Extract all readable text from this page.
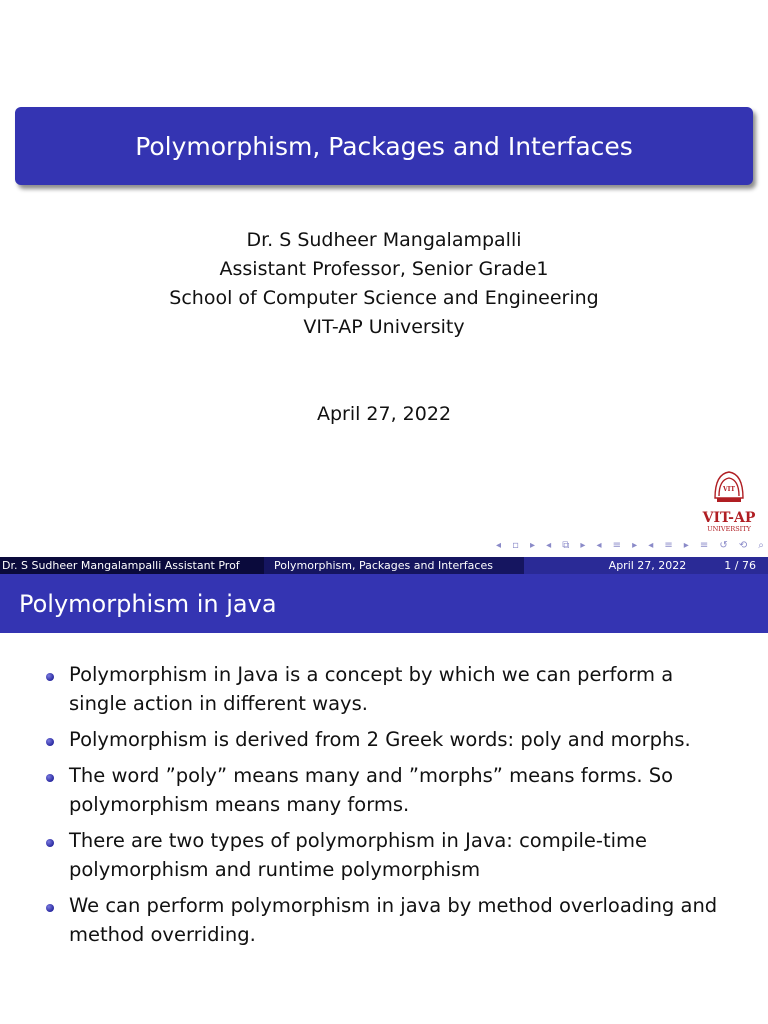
Polymorphism, Packages and Interfaces
Dr. S Sudheer Mangalampalli
Assistant Professor, Senior Grade1
School of Computer Science and Engineering
VIT-AP University
April 27, 2022
VIT
VIT-AP
UNIVERSITY
◂ ▫ ▸ ◂ ⧉ ▸ ◂ ≡ ▸ ◂ ≡ ▸ ≡ ↺ ⟲ ⌕
Dr. S Sudheer Mangalampalli Assistant Prof	Polymorphism, Packages and Interfaces	April 27, 2022	1 / 76
Polymorphism in java
Polymorphism in Java is a concept by which we can perform a single action in different ways.
Polymorphism is derived from 2 Greek words: poly and morphs.
The word ”poly” means many and ”morphs” means forms. So polymorphism means many forms.
There are two types of polymorphism in Java: compile-time polymorphism and runtime polymorphism
We can perform polymorphism in java by method overloading and method overriding.
